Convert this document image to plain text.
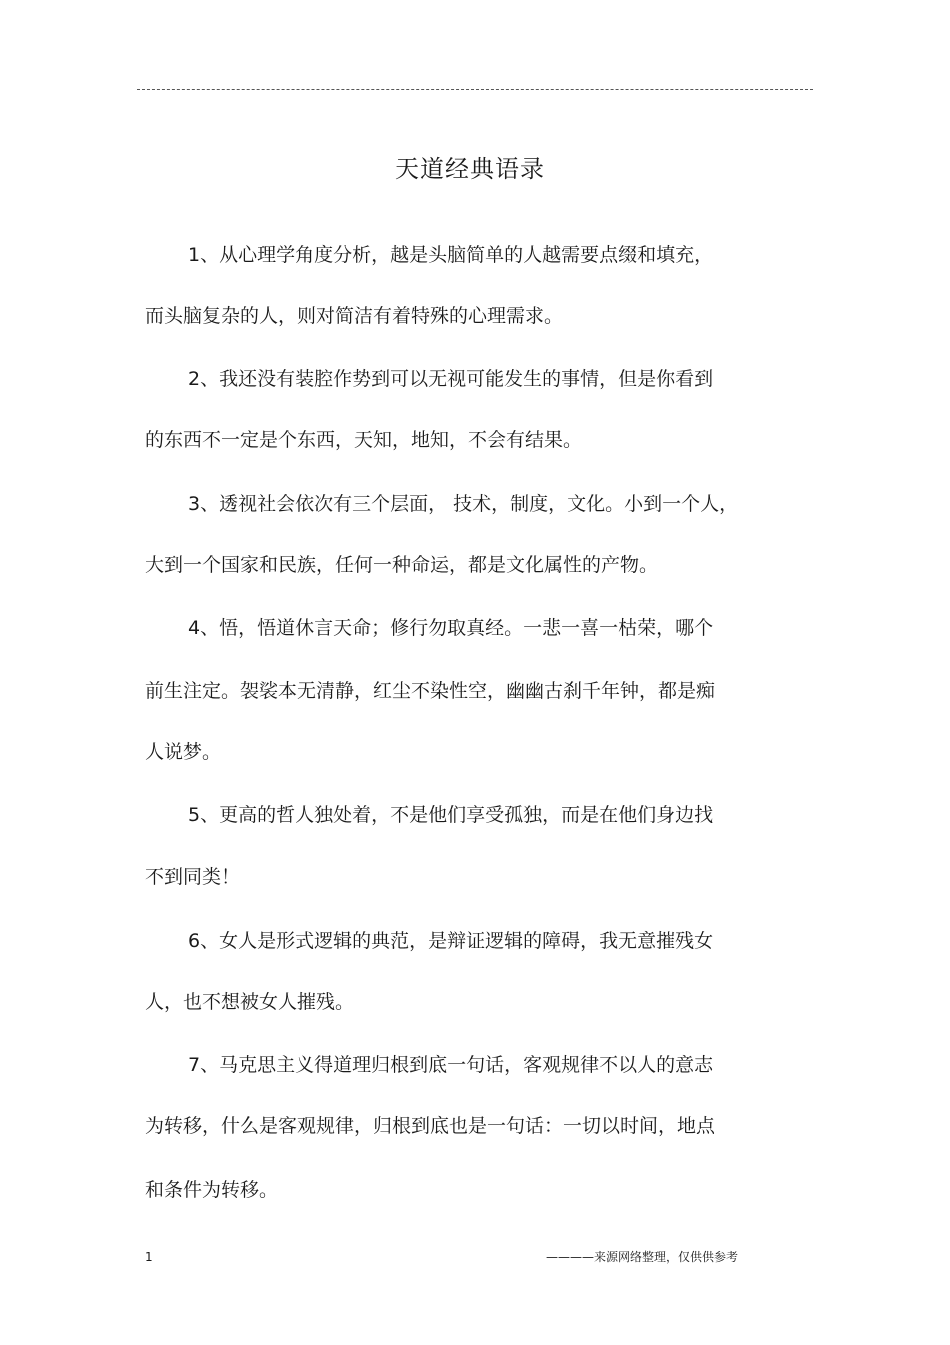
天道经典语录
1、从心理学角度分析，越是头脑简单的人越需要点缀和填充，
而头脑复杂的人，则对简洁有着特殊的心理需求。
2、我还没有装腔作势到可以无视可能发生的事情，但是你看到
的东西不一定是个东西，天知，地知，不会有结果。
3、透视社会依次有三个层面， 技术，制度，文化。小到一个人，
大到一个国家和民族，任何一种命运，都是文化属性的产物。
4、悟，悟道休言天命；修行勿取真经。一悲一喜一枯荣，哪个
前生注定。袈裟本无清静，红尘不染性空，幽幽古刹千年钟，都是痴
人说梦。
5、更高的哲人独处着，不是他们享受孤独，而是在他们身边找
不到同类！
6、女人是形式逻辑的典范，是辩证逻辑的障碍，我无意摧残女
人，也不想被女人摧残。
7、马克思主义得道理归根到底一句话，客观规律不以人的意志
为转移，什么是客观规律，归根到底也是一句话：一切以时间，地点
和条件为转移。
1	————来源网络整理，仅供供参考
